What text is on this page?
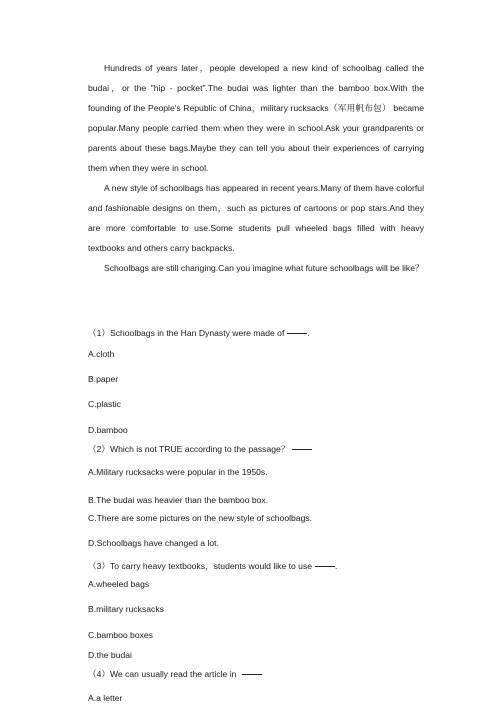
Hundreds of years later，people developed a new kind of schoolbag called the budai，or the "hip - pocket".The budai was lighter than the bamboo box.With the founding of the People's Republic of China，military rucksacks（军用帆布包） became popular.Many people carried them when they were in school.Ask your grandparents or parents about these bags.Maybe they can tell you about their experiences of carrying them when they were in school.

A new style of schoolbags has appeared in recent years.Many of them have colorful and fashionable designs on them，such as pictures of cartoons or pop stars.And they are more comfortable to use.Some students pull wheeled bags filled with heavy textbooks and others carry backpacks.

Schoolbags are still changing.Can you imagine what future schoolbags will be like？

（1）Schoolbags in the Han Dynasty were made of	.
A.cloth
B.paper
C.plastic
D.bamboo
（2）Which is not TRUE according to the passage？
A.Military rucksacks were popular in the 1950s.
B.The budai was heavier than the bamboo box.
C.There are some pictures on the new style of schoolbags.
D.Schoolbags have changed a lot.
（3）To carry heavy textbooks，students would like to use	.
A.wheeled bags
B.military rucksacks
C.bamboo boxes
D.the budai
（4）We can usually read the article in
A.a letter
